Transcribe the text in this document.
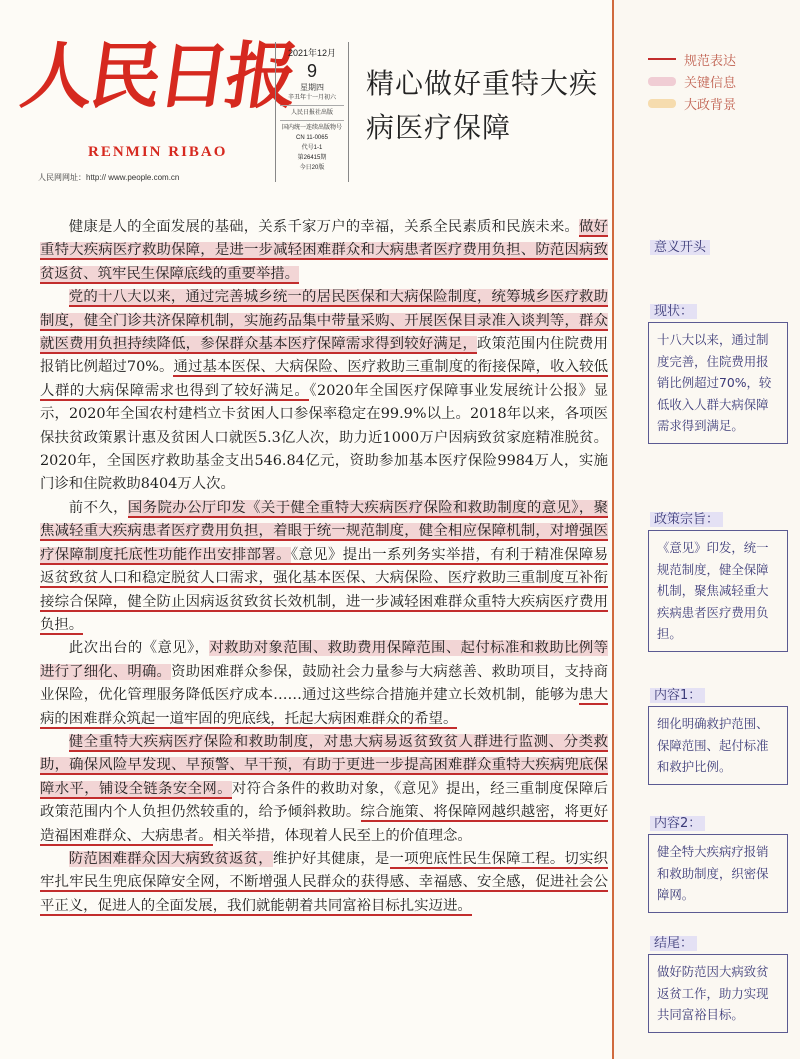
人民日报
RENMIN RIBAO
人民网网址：http:// www.people.com.cn
2021年12月
9
星期四
辛丑年十一月初六
人民日报社出版
国内统一连续出版物号
CN 11-0065
代号1-1
第26415期
今日20版
精心做好重特大疾病医疗保障

健康是人的全面发展的基础，关系千家万户的幸福，关系全民素质和民族未来。做好重特大疾病医疗救助保障，是进一步减轻困难群众和大病患者医疗费用负担、防范因病致贫返贫、筑牢民生保障底线的重要举措。

党的十八大以来，通过完善城乡统一的居民医保和大病保险制度，统筹城乡医疗救助制度，健全门诊共济保障机制，实施药品集中带量采购、开展医保目录准入谈判等，群众就医费用负担持续降低，参保群众基本医疗保障需求得到较好满足，政策范围内住院费用报销比例超过70%。通过基本医保、大病保险、医疗救助三重制度的衔接保障，收入较低人群的大病保障需求也得到了较好满足。《2020年全国医疗保障事业发展统计公报》显示，2020年全国农村建档立卡贫困人口参保率稳定在99.9%以上。2018年以来，各项医保扶贫政策累计惠及贫困人口就医5.3亿人次，助力近1000万户因病致贫家庭精准脱贫。2020年，全国医疗救助基金支出546.84亿元，资助参加基本医疗保险9984万人，实施门诊和住院救助8404万人次。

前不久，国务院办公厅印发《关于健全重特大疾病医疗保险和救助制度的意见》，聚焦减轻重大疾病患者医疗费用负担，着眼于统一规范制度，健全相应保障机制，对增强医疗保障制度托底性功能作出安排部署。《意见》提出一系列务实举措，有利于精准保障易返贫致贫人口和稳定脱贫人口需求，强化基本医保、大病保险、医疗救助三重制度互补衔接综合保障，健全防止因病返贫致贫长效机制，进一步减轻困难群众重特大疾病医疗费用负担。

此次出台的《意见》，对救助对象范围、救助费用保障范围、起付标准和救助比例等进行了细化、明确。资助困难群众参保，鼓励社会力量参与大病慈善、救助项目，支持商业保险，优化管理服务降低医疗成本……通过这些综合措施并建立长效机制，能够为患大病的困难群众筑起一道牢固的兜底线，托起大病困难群众的希望。

健全重特大疾病医疗保险和救助制度，对患大病易返贫致贫人群进行监测、分类救助，确保风险早发现、早预警、早干预，有助于更进一步提高困难群众重特大疾病兜底保障水平，铺设全链条安全网。对符合条件的救助对象，《意见》提出，经三重制度保障后政策范围内个人负担仍然较重的，给予倾斜救助。综合施策、将保障网越织越密，将更好造福困难群众、大病患者。相关举措，体现着人民至上的价值理念。

防范困难群众因大病致贫返贫，维护好其健康，是一项兜底性民生保障工程。切实织牢扎牢民生兜底保障安全网，不断增强人民群众的获得感、幸福感、安全感，促进社会公平正义，促进人的全面发展，我们就能朝着共同富裕目标扎实迈进。

规范表达
关键信息
大政背景
意义开头
现状：
十八大以来，通过制度完善，住院费用报销比例超过70%，较低收入人群大病保障需求得到满足。
政策宗旨：
《意见》印发，统一规范制度，健全保障机制，聚焦减轻重大疾病患者医疗费用负担。
内容1：
细化明确救护范围、保障范围、起付标准和救护比例。
内容2：
健全特大疾病疗报销和救助制度，织密保障网。
结尾：
做好防范因大病致贫返贫工作，助力实现共同富裕目标。
